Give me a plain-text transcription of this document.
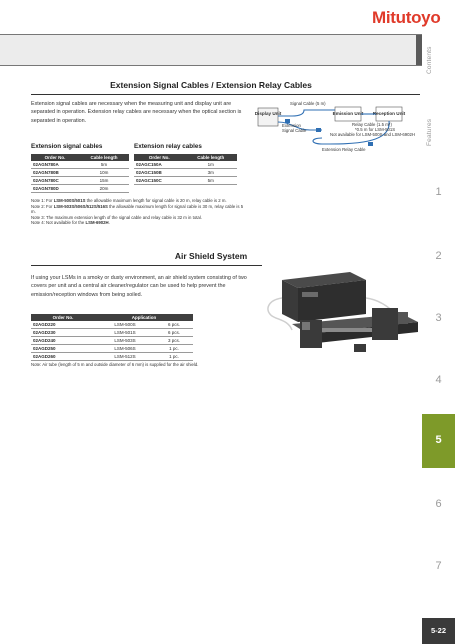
Mitutoyo
Contents
Features
1
2
3
4
5
6
7
5-22
Extension Signal Cables / Extension Relay Cables
Extension signal cables are necessary when the measuring unit and display unit are separated in operation. Extension relay cables are necessary when the optical section is separated in operation.
Display Unit	Emission Unit Reception Unit
Signal Cable (5 m)
Extension
Signal Cable
Relay Cable (1.5 m*)
*0.5 m for LSM-501S
Not available for LSM-500S and LSM-6902H
Extension Relay Cable
Extension signal cables
Order No.	Cable length
02AGN780A	5m
02AGN780B	10m
02AGN780C	15m
02AGN780D	20m
Extension relay cables
Order No.	Cable length
02AGC150A	1m
02AGC150B	3m
02AGC150C	5m
Note 1: For LSM-500S/501S the allowable maximum length for signal cable is 20 m, relay cable is 2 m.
Note 2: For LSM-503S/506S/512S/516S the allowable maximum length for signal cable is 30 m, relay cable is 5 m.
Note 3: The maximum extension length of the signal cable and relay cable is 32 m in total.
Note 4: Not available for the LSM-6902H.
Air Shield System
If using your LSMs in a smoky or dusty environment, an air shield system consisting of two covers per unit and a central air cleaner/regulator can be used to help prevent the emission/reception windows from being soiled.
Order No.	Application	
02AGD220	LSM-500S	6 pcs.
02AGD230	LSM-501S	6 pcs.
02AGD240	LSM-503S	3 pcs.
02AGD250	LSM-506S	1 pc.
02AGD260	LSM-512S	1 pc.
Note: Air tube (length of 5 m and outside diameter of 6 mm) is supplied for the air shield.
